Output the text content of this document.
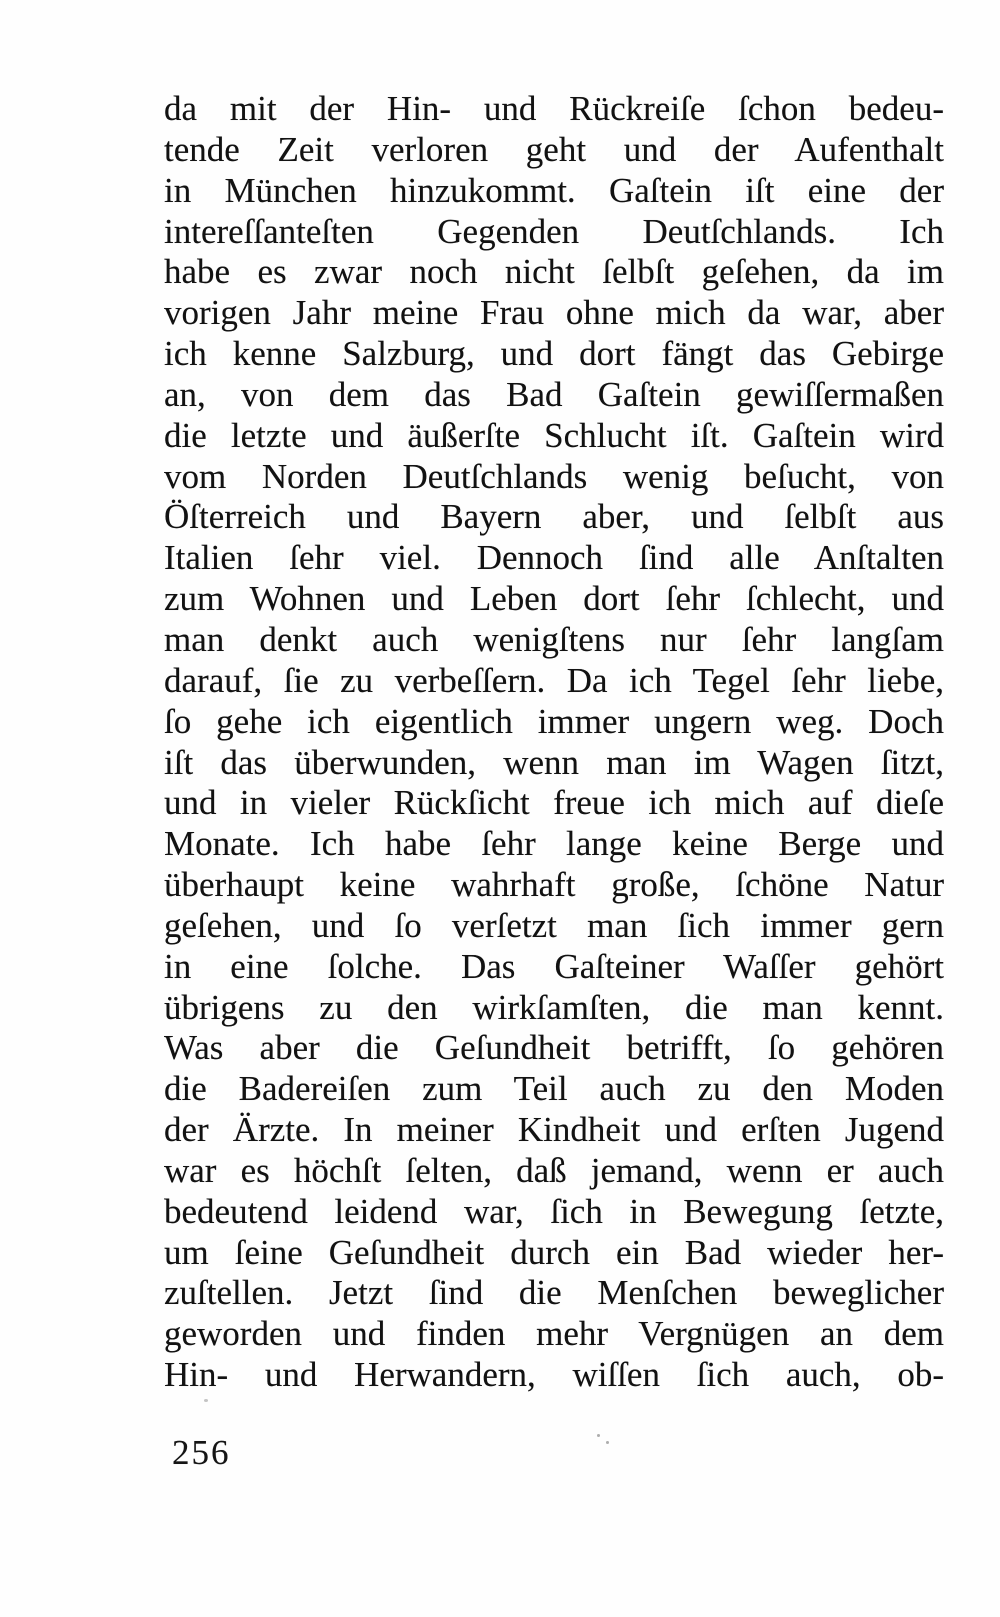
da mit der Hin- und Rückreiſe ſchon bedeu-
tende Zeit verloren geht und der Aufenthalt
in München hinzukommt. Gaſtein iſt eine der
intereſſanteſten Gegenden Deutſchlands. Ich
habe es zwar noch nicht ſelbſt geſehen, da im
vorigen Jahr meine Frau ohne mich da war, aber
ich kenne Salzburg, und dort fängt das Gebirge
an, von dem das Bad Gaſtein gewiſſermaßen
die letzte und äußerſte Schlucht iſt. Gaſtein wird
vom Norden Deutſchlands wenig beſucht, von
Öſterreich und Bayern aber, und ſelbſt aus
Italien ſehr viel. Dennoch ſind alle Anſtalten
zum Wohnen und Leben dort ſehr ſchlecht, und
man denkt auch wenigſtens nur ſehr langſam
darauf, ſie zu verbeſſern. Da ich Tegel ſehr liebe,
ſo gehe ich eigentlich immer ungern weg. Doch
iſt das überwunden, wenn man im Wagen ſitzt,
und in vieler Rückſicht freue ich mich auf dieſe
Monate. Ich habe ſehr lange keine Berge und
überhaupt keine wahrhaft große, ſchöne Natur
geſehen, und ſo verſetzt man ſich immer gern
in eine ſolche. Das Gaſteiner Waſſer gehört
übrigens zu den wirkſamſten, die man kennt.
Was aber die Geſundheit betrifft, ſo gehören
die Badereiſen zum Teil auch zu den Moden
der Ärzte. In meiner Kindheit und erſten Jugend
war es höchſt ſelten, daß jemand, wenn er auch
bedeutend leidend war, ſich in Bewegung ſetzte,
um ſeine Geſundheit durch ein Bad wieder her-
zuſtellen. Jetzt ſind die Menſchen beweglicher
geworden und finden mehr Vergnügen an dem
Hin- und Herwandern, wiſſen ſich auch, ob-
256
